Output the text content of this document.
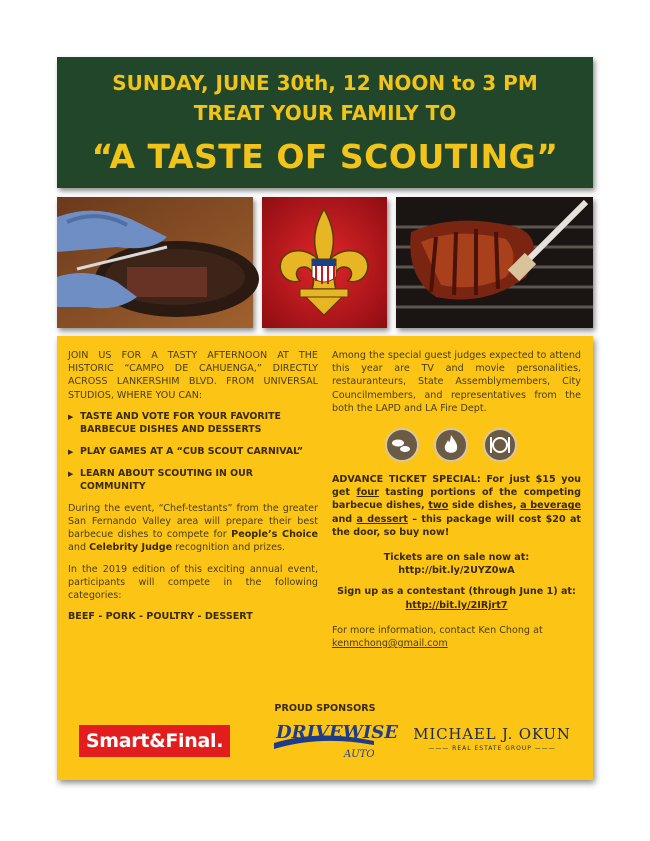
SUNDAY, JUNE 30th, 12 NOON to 3 PM
TREAT YOUR FAMILY TO
“A TASTE OF SCOUTING”

JOIN US FOR A TASTY AFTERNOON AT THE HISTORIC “CAMPO DE CAHUENGA,” DIRECTLY ACROSS LANKERSHIM BLVD. FROM UNIVERSAL STUDIOS, WHERE YOU CAN:

▶ TASTE AND VOTE FOR YOUR FAVORITE BARBECUE DISHES AND DESSERTS
▶ PLAY GAMES AT A “CUB SCOUT CARNIVAL”
▶ LEARN ABOUT SCOUTING IN OUR COMMUNITY

During the event, “Chef-testants” from the greater San Fernando Valley area will prepare their best barbecue dishes to compete for People’s Choice and Celebrity Judge recognition and prizes.

In the 2019 edition of this exciting annual event, participants will compete in the following categories:

BEEF - PORK - POULTRY - DESSERT

Among the special guest judges expected to attend this year are TV and movie personalities, restauranteurs, State Assemblymembers, City Councilmembers, and representatives from the both the LAPD and LA Fire Dept.

ADVANCE TICKET SPECIAL: For just $15 you get four tasting portions of the competing barbecue dishes, two side dishes, a beverage and a dessert – this package will cost $20 at the door, so buy now!

Tickets are on sale now at:
http://bit.ly/2UYZ0wA

Sign up as a contestant (through June 1) at:
http://bit.ly/2IRjrt7

For more information, contact Ken Chong at
kenmchong@gmail.com

PROUD SPONSORS
Smart&Final.	DRIVEWISE
AUTO
MICHAEL J. OKUN
——— REAL ESTATE GROUP ———
